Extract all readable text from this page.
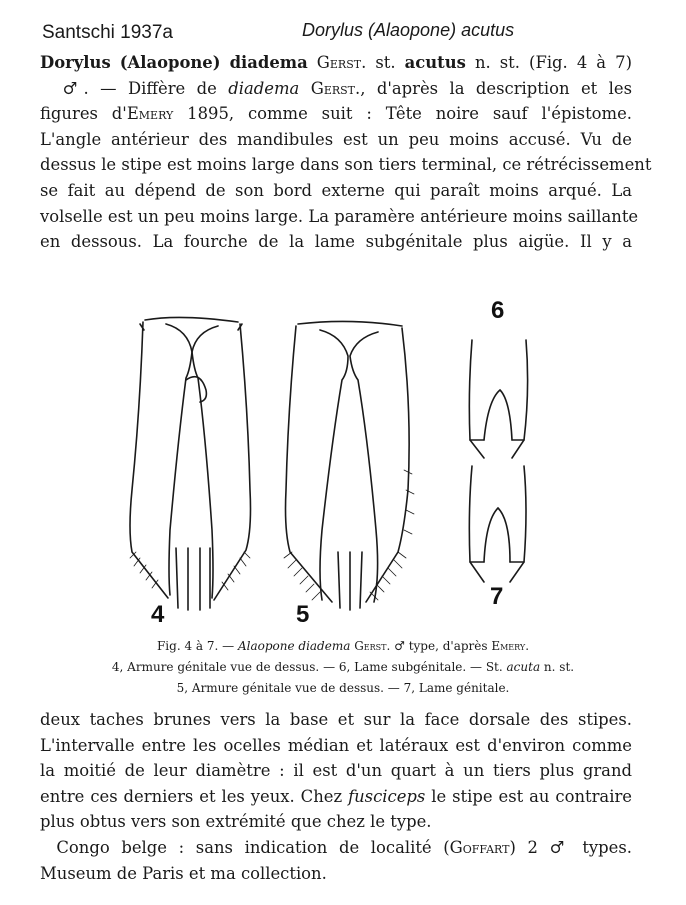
Santschi 1937a	Dorylus (Alaopone) acutus
Dorylus (Alaopone) diadema Gerst. st. acutus n. st. (Fig. 4 à 7)
 ♂. — Diffère de diadema Gerst., d'après la description et les
figures d'Emery 1895, comme suit : Tête noire sauf l'épistome.
L'angle antérieur des mandibules est un peu moins accusé. Vu de
dessus le stipe est moins large dans son tiers terminal, ce rétrécissement
se fait au dépend de son bord externe qui paraît moins arqué. La
volselle est un peu moins large. La paramère antérieure moins saillante
en dessous. La fourche de la lame subgénitale plus aigüe. Il y a
4	5
6
7
Fig. 4 à 7. — Alaopone diadema Gerst. ♂ type, d'après Emery.
4, Armure génitale vue de dessus. — 6, Lame subgénitale. — St. acuta n. st.
5, Armure génitale vue de dessus. — 7, Lame génitale.
deux taches brunes vers la base et sur la face dorsale des stipes.
L'intervalle entre les ocelles médian et latéraux est d'environ comme
la moitié de leur diamètre : il est d'un quart à un tiers plus grand
entre ces derniers et les yeux. Chez fusciceps le stipe est au contraire
plus obtus vers son extrémité que chez le type.
 Congo belge : sans indication de localité (Goffart) 2 ♂ types.
Museum de Paris et ma collection.
